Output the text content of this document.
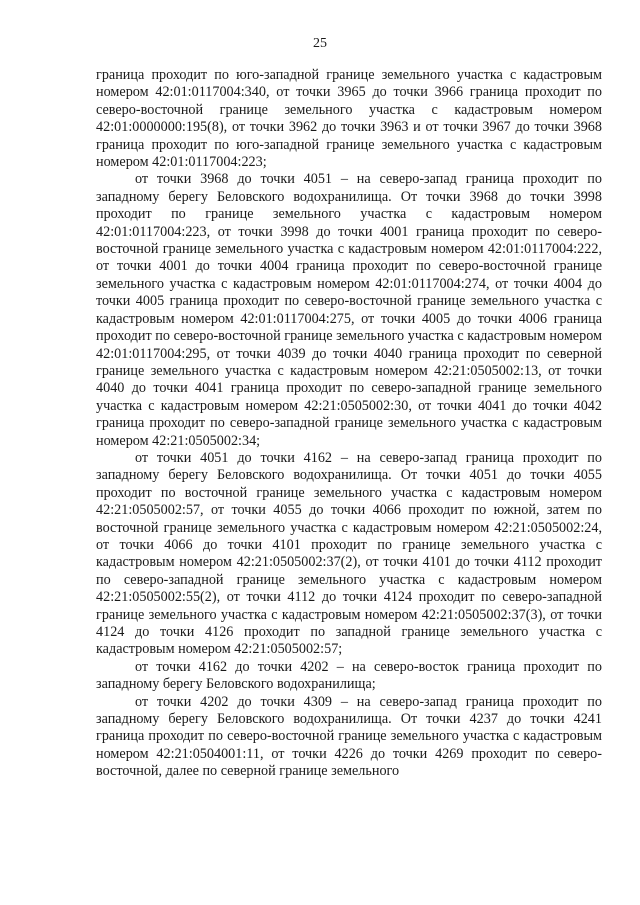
25

граница проходит по юго-западной границе земельного участка с кадастровым номером 42:01:0117004:340, от точки 3965 до точки 3966 граница проходит по северо-восточной границе земельного участка с кадастровым номером 42:01:0000000:195(8), от точки 3962 до точки 3963 и от точки 3967 до точки 3968 граница проходит по юго-западной границе земельного участка с кадастровым номером 42:01:0117004:223;

от точки 3968 до точки 4051 – на северо-запад граница проходит по западному берегу Беловского водохранилища. От точки 3968 до точки 3998 проходит по границе земельного участка с кадастровым номером 42:01:0117004:223, от точки 3998 до точки 4001 граница проходит по северо-восточной границе земельного участка с кадастровым номером 42:01:0117004:222, от точки 4001 до точки 4004 граница проходит по северо-восточной границе земельного участка с кадастровым номером 42:01:0117004:274, от точки 4004 до точки 4005 граница проходит по северо-восточной границе земельного участка с кадастровым номером 42:01:0117004:275, от точки 4005 до точки 4006 граница проходит по северо-восточной границе земельного участка с кадастровым номером 42:01:0117004:295, от точки 4039 до точки 4040 граница проходит по северной границе земельного участка с кадастровым номером 42:21:0505002:13, от точки 4040 до точки 4041 граница проходит по северо-западной границе земельного участка с кадастровым номером 42:21:0505002:30, от точки 4041 до точки 4042 граница проходит по северо-западной границе земельного участка с кадастровым номером 42:21:0505002:34;

от точки 4051 до точки 4162 – на северо-запад граница проходит по западному берегу Беловского водохранилища. От точки 4051 до точки 4055 проходит по восточной границе земельного участка с кадастровым номером 42:21:0505002:57, от точки 4055 до точки 4066 проходит по южной, затем по восточной границе земельного участка с кадастровым номером 42:21:0505002:24, от точки 4066 до точки 4101 проходит по границе земельного участка с кадастровым номером 42:21:0505002:37(2), от точки 4101 до точки 4112 проходит по северо-западной границе земельного участка с кадастровым номером 42:21:0505002:55(2), от точки 4112 до точки 4124 проходит по северо-западной границе земельного участка с кадастровым номером 42:21:0505002:37(3), от точки 4124 до точки 4126 проходит по западной границе земельного участка с кадастровым номером 42:21:0505002:57;

от точки 4162 до точки 4202 – на северо-восток граница проходит по западному берегу Беловского водохранилища;

от точки 4202 до точки 4309 – на северо-запад граница проходит по западному берегу Беловского водохранилища. От точки 4237 до точки 4241 граница проходит по северо-восточной границе земельного участка с кадастровым номером 42:21:0504001:11, от точки 4226 до точки 4269 проходит по северо-восточной, далее по северной границе земельного
